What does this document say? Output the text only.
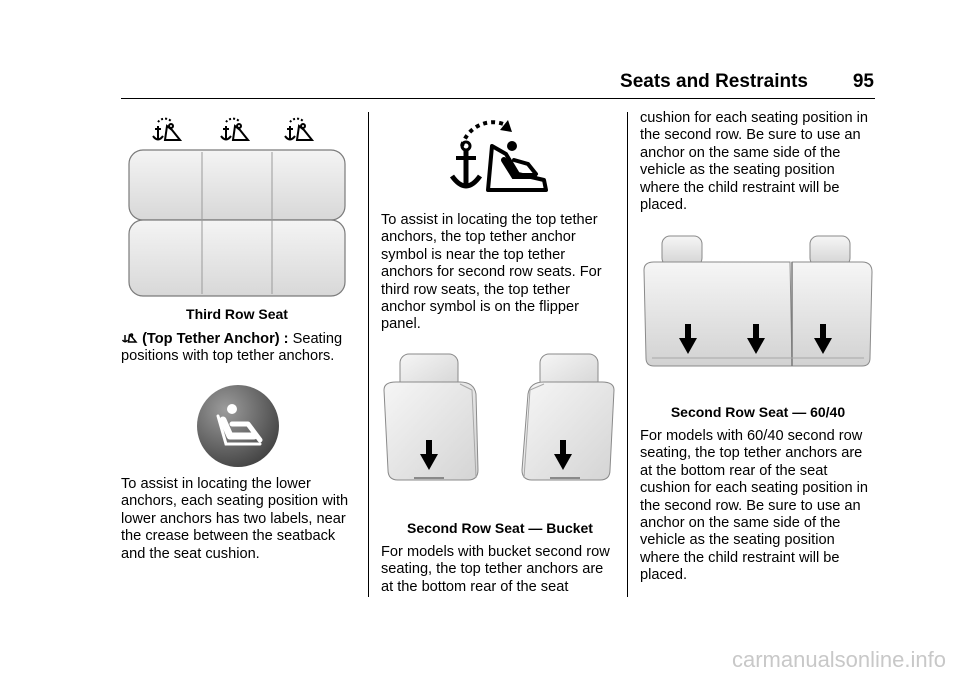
Seats and Restraints	95
Third Row Seat
(Top Tether Anchor) : Seating
positions with top tether anchors.
To assist in locating the lower
anchors, each seating position with
lower anchors has two labels, near
the crease between the seatback
and the seat cushion.
To assist in locating the top tether
anchors, the top tether anchor
symbol is near the top tether
anchors for second row seats. For
third row seats, the top tether
anchor symbol is on the flipper
panel.
Second Row Seat — Bucket
For models with bucket second row
seating, the top tether anchors are
at the bottom rear of the seat
cushion for each seating position in
the second row. Be sure to use an
anchor on the same side of the
vehicle as the seating position
where the child restraint will be
placed.
Second Row Seat — 60/40
For models with 60/40 second row
seating, the top tether anchors are
at the bottom rear of the seat
cushion for each seating position in
the second row. Be sure to use an
anchor on the same side of the
vehicle as the seating position
where the child restraint will be
placed.
carmanualsonline.info
